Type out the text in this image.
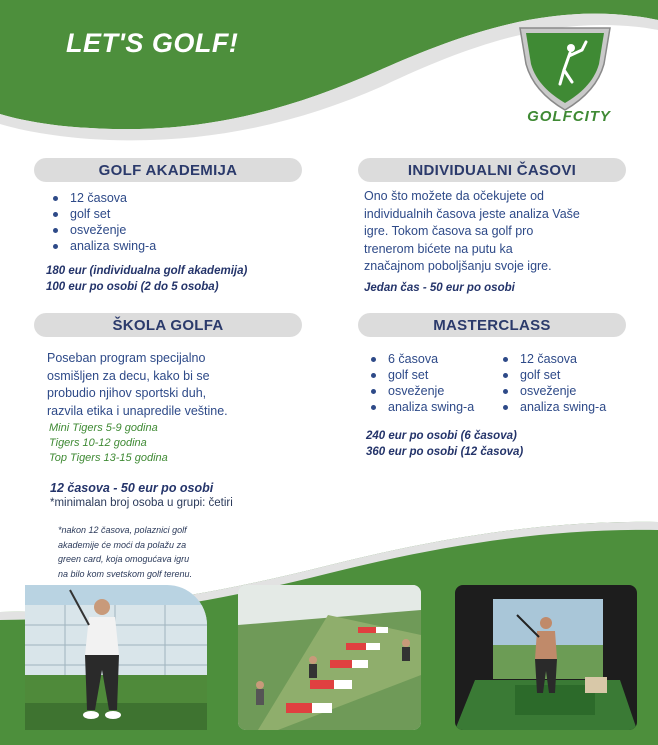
LET'S GOLF!
GOLFCITY
GOLF AKADEMIJA
12 časova
golf set
osveženje
analiza swing-a
180 eur (individualna golf akademija)
100 eur po osobi (2 do 5 osoba)
INDIVIDUALNI ČASOVI
Ono što možete da očekujete od
individualnih časova jeste analiza Vaše
igre. Tokom časova sa golf pro
trenerom bićete na putu ka
značajnom poboljšanju svoje igre.
Jedan čas - 50 eur po osobi
ŠKOLA GOLFA
Poseban program specijalno
osmišljen za decu, kako bi se
probudio njihov sportski duh,
razvila etika i unapredile veštine.
Mini Tigers 5-9 godina
Tigers 10-12 godina
Top Tigers 13-15 godina
12 časova - 50 eur po osobi
*minimalan broj osoba u grupi: četiri
*nakon 12 časova, polaznici golf
akademije će moći da polažu za
green card, koja omogućava igru
na bilo kom svetskom golf terenu.
MASTERCLASS
6 časova
golf set
osveženje
analiza swing-a
12 časova
golf set
osveženje
analiza swing-a
240 eur po osobi (6 časova)
360 eur po osobi (12 časova)
